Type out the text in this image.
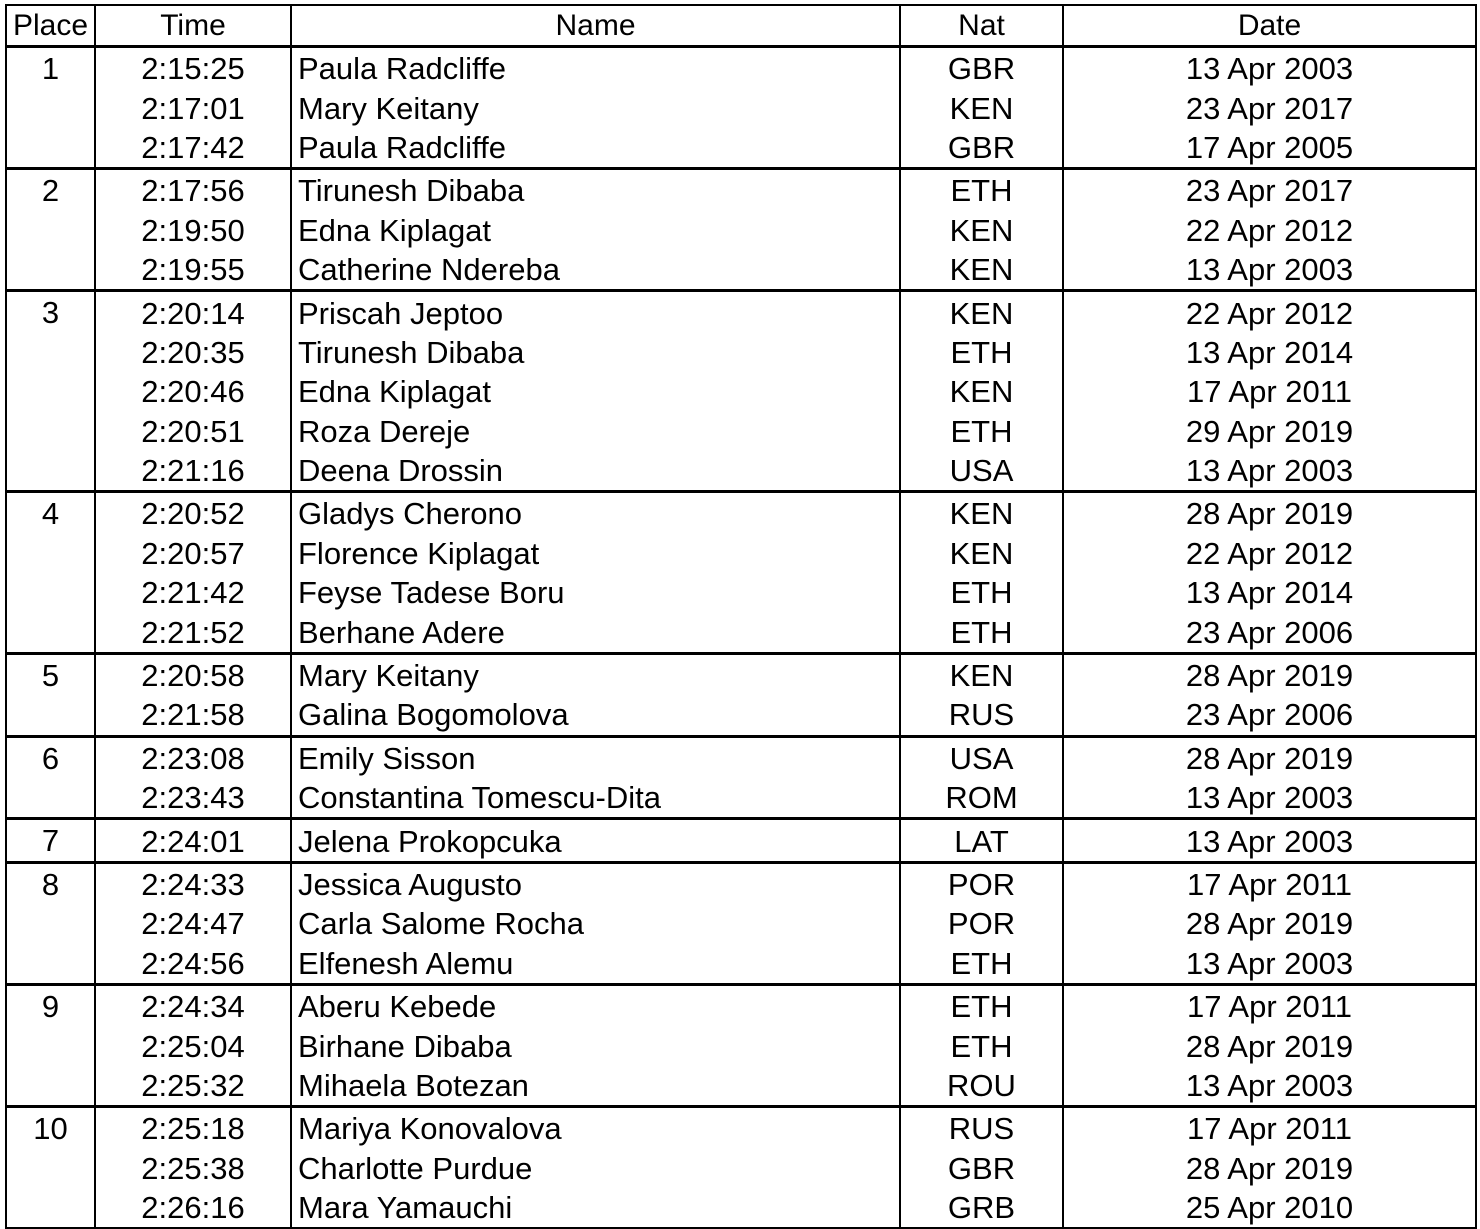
Place	Time	Name	Nat	Date
1	2:15:25	Paula Radcliffe	GBR	13 Apr 2003
	2:17:01	Mary Keitany	KEN	23 Apr 2017
	2:17:42	Paula Radcliffe	GBR	17 Apr 2005
2	2:17:56	Tirunesh Dibaba	ETH	23 Apr 2017
	2:19:50	Edna Kiplagat	KEN	22 Apr 2012
	2:19:55	Catherine Ndereba	KEN	13 Apr 2003
3	2:20:14	Priscah Jeptoo	KEN	22 Apr 2012
	2:20:35	Tirunesh Dibaba	ETH	13 Apr 2014
	2:20:46	Edna Kiplagat	KEN	17 Apr 2011
	2:20:51	Roza Dereje	ETH	29 Apr 2019
	2:21:16	Deena Drossin	USA	13 Apr 2003
4	2:20:52	Gladys Cherono	KEN	28 Apr 2019
	2:20:57	Florence Kiplagat	KEN	22 Apr 2012
	2:21:42	Feyse Tadese Boru	ETH	13 Apr 2014
	2:21:52	Berhane Adere	ETH	23 Apr 2006
5	2:20:58	Mary Keitany	KEN	28 Apr 2019
	2:21:58	Galina Bogomolova	RUS	23 Apr 2006
6	2:23:08	Emily Sisson	USA	28 Apr 2019
	2:23:43	Constantina Tomescu-Dita	ROM	13 Apr 2003
7	2:24:01	Jelena Prokopcuka	LAT	13 Apr 2003
8	2:24:33	Jessica Augusto	POR	17 Apr 2011
	2:24:47	Carla Salome Rocha	POR	28 Apr 2019
	2:24:56	Elfenesh Alemu	ETH	13 Apr 2003
9	2:24:34	Aberu Kebede	ETH	17 Apr 2011
	2:25:04	Birhane Dibaba	ETH	28 Apr 2019
	2:25:32	Mihaela Botezan	ROU	13 Apr 2003
10	2:25:18	Mariya Konovalova	RUS	17 Apr 2011
	2:25:38	Charlotte Purdue	GBR	28 Apr 2019
	2:26:16	Mara Yamauchi	GRB	25 Apr 2010
